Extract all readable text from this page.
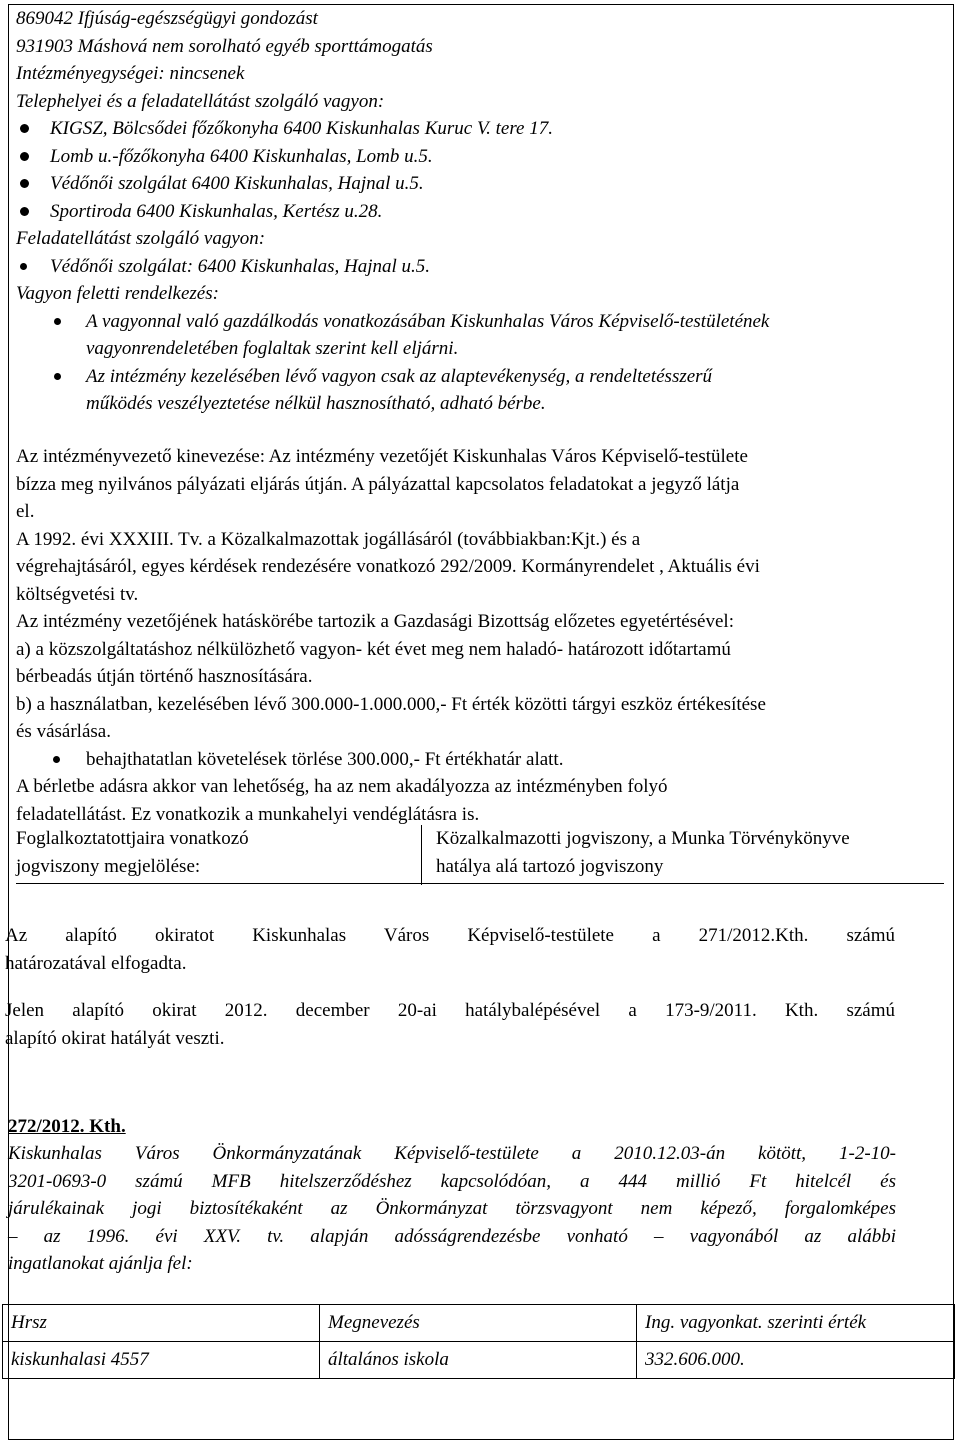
869042 Ifjúság-egészségügyi gondozást
931903 Máshová nem sorolható egyéb sporttámogatás
Intézményegységei: nincsenek
Telephelyei és a feladatellátást szolgáló vagyon:
KIGSZ, Bölcsődei főzőkonyha 6400 Kiskunhalas Kuruc V. tere 17.
Lomb u.-főzőkonyha 6400 Kiskunhalas, Lomb u.5.
Védőnői szolgálat 6400 Kiskunhalas, Hajnal u.5.
Sportiroda 6400 Kiskunhalas, Kertész u.28.
Feladatellátást szolgáló vagyon:
Védőnői szolgálat: 6400 Kiskunhalas, Hajnal u.5.
Vagyon feletti rendelkezés:
A vagyonnal való gazdálkodás vonatkozásában Kiskunhalas Város Képviselő-testületének
vagyonrendeletében foglaltak szerint kell eljárni.
Az intézmény kezelésében lévő vagyon csak az alaptevékenység, a rendeltetésszerű
működés veszélyeztetése nélkül hasznosítható, adható bérbe.
Az intézményvezető kinevezése: Az intézmény vezetőjét Kiskunhalas Város Képviselő-testülete
bízza meg nyilvános pályázati eljárás útján. A pályázattal kapcsolatos feladatokat a jegyző látja
el.
A 1992. évi XXXIII. Tv. a Közalkalmazottak jogállásáról (továbbiakban:Kjt.) és a
végrehajtásáról, egyes kérdések rendezésére vonatkozó 292/2009. Kormányrendelet , Aktuális évi
költségvetési tv.
Az intézmény vezetőjének hatáskörébe tartozik a Gazdasági Bizottság előzetes egyetértésével:
a) a közszolgáltatáshoz nélkülözhető vagyon- két évet meg nem haladó- határozott időtartamú
bérbeadás útján történő hasznosítására.
b) a használatban, kezelésében lévő 300.000-1.000.000,- Ft érték közötti tárgyi eszköz értékesítése
és vásárlása.
behajthatatlan követelések törlése 300.000,- Ft értékhatár alatt.
A bérletbe adásra akkor van lehetőség, ha az nem akadályozza az intézményben folyó
feladatellátást. Ez vonatkozik a munkahelyi vendéglátásra is.
Foglalkoztatottjaira vonatkozó
jogviszony megjelölése:
Közalkalmazotti jogviszony, a Munka Törvénykönyve
hatálya alá tartozó jogviszony
Az alapító okiratot Kiskunhalas Város Képviselő-testülete a 271/2012.Kth. számú
határozatával elfogadta.
Jelen alapító okirat 2012. december 20-ai hatálybalépésével a 173-9/2011. Kth. számú
alapító okirat hatályát veszti.
272/2012. Kth.
Kiskunhalas Város Önkormányzatának Képviselő-testülete a 2010.12.03-án kötött, 1-2-10-
3201-0693-0 számú MFB hitelszerződéshez kapcsolódóan, a 444 millió Ft hitelcél és
járulékainak jogi biztosítékaként az Önkormányzat törzsvagyont nem képező, forgalomképes
– az 1996. évi XXV. tv. alapján adósságrendezésbe vonható – vagyonából az alábbi
ingatlanokat ajánlja fel:
Hrsz	Megnevezés	Ing. vagyonkat. szerinti érték
kiskunhalasi 4557	általános iskola	332.606.000.
